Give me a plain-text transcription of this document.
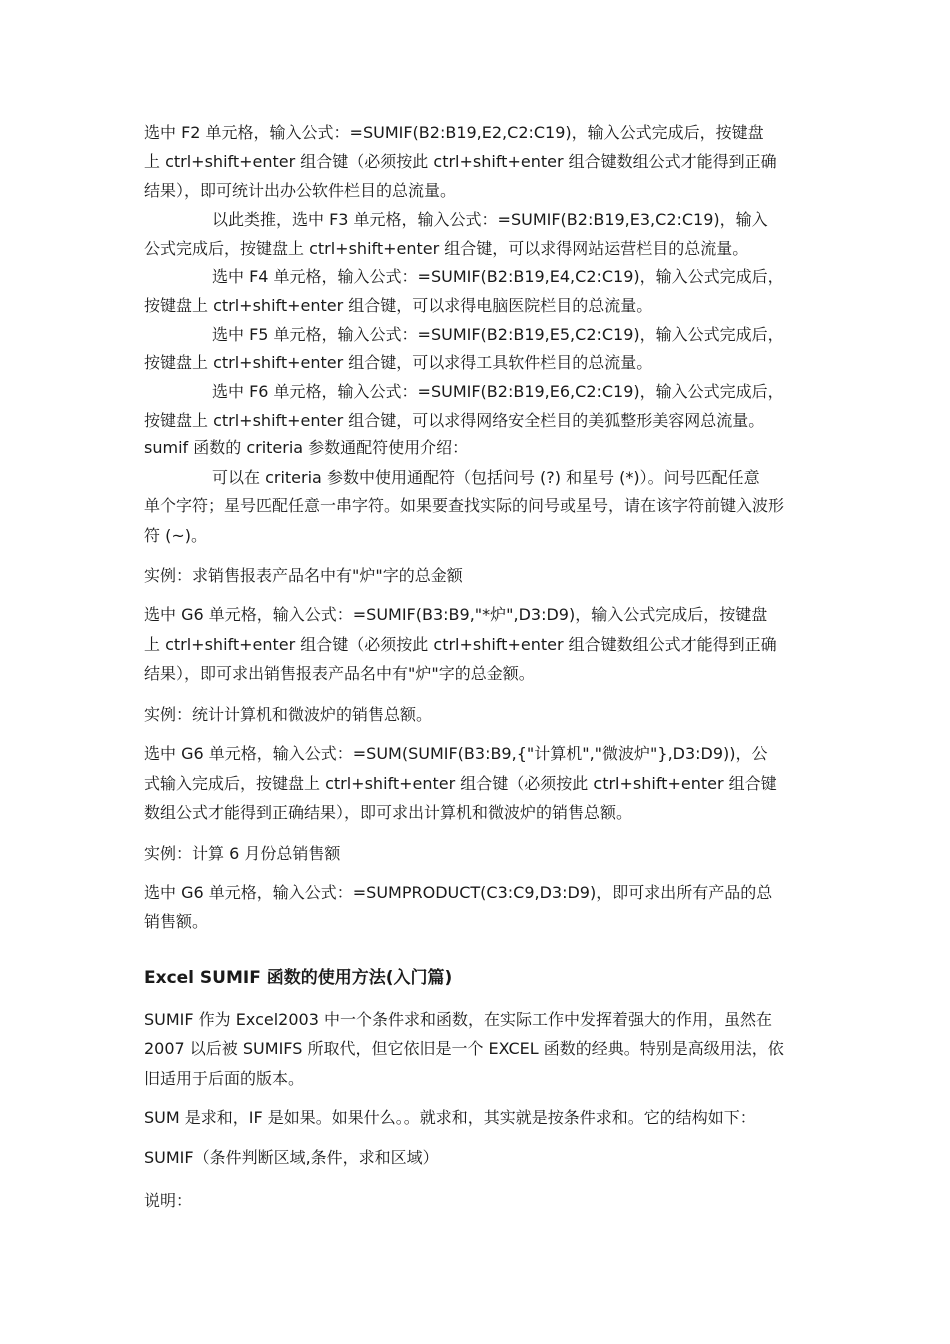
选中 F2 单元格，输入公式：=SUMIF(B2:B19,E2,C2:C19)，输入公式完成后，按键盘

上 ctrl+shift+enter 组合键（必须按此 ctrl+shift+enter 组合键数组公式才能得到正确

结果），即可统计出办公软件栏目的总流量。

以此类推，选中 F3 单元格，输入公式：=SUMIF(B2:B19,E3,C2:C19)，输入

公式完成后，按键盘上 ctrl+shift+enter 组合键，可以求得网站运营栏目的总流量。

选中 F4 单元格，输入公式：=SUMIF(B2:B19,E4,C2:C19)，输入公式完成后，

按键盘上 ctrl+shift+enter 组合键，可以求得电脑医院栏目的总流量。

选中 F5 单元格，输入公式：=SUMIF(B2:B19,E5,C2:C19)，输入公式完成后，

按键盘上 ctrl+shift+enter 组合键，可以求得工具软件栏目的总流量。

选中 F6 单元格，输入公式：=SUMIF(B2:B19,E6,C2:C19)，输入公式完成后，

按键盘上 ctrl+shift+enter 组合键，可以求得网络安全栏目的美狐整形美容网总流量。

sumif 函数的 criteria 参数通配符使用介绍：

可以在 criteria 参数中使用通配符（包括问号 (?) 和星号 (*)）。问号匹配任意

单个字符；星号匹配任意一串字符。如果要查找实际的问号或星号，请在该字符前键入波形

符 (~)。

实例：求销售报表产品名中有"炉"字的总金额

选中 G6 单元格，输入公式：=SUMIF(B3:B9,"*炉",D3:D9)，输入公式完成后，按键盘

上 ctrl+shift+enter 组合键（必须按此 ctrl+shift+enter 组合键数组公式才能得到正确

结果），即可求出销售报表产品名中有"炉"字的总金额。

实例：统计计算机和微波炉的销售总额。

选中 G6 单元格，输入公式：=SUM(SUMIF(B3:B9,{"计算机","微波炉"},D3:D9))，公

式输入完成后，按键盘上 ctrl+shift+enter 组合键（必须按此 ctrl+shift+enter 组合键

数组公式才能得到正确结果），即可求出计算机和微波炉的销售总额。

实例：计算 6 月份总销售额

选中 G6 单元格，输入公式：=SUMPRODUCT(C3:C9,D3:D9)，即可求出所有产品的总

销售额。

Excel SUMIF 函数的使用方法(入门篇)

SUMIF 作为 Excel2003 中一个条件求和函数，在实际工作中发挥着强大的作用，虽然在

2007 以后被 SUMIFS 所取代，但它依旧是一个 EXCEL 函数的经典。特别是高级用法，依

旧适用于后面的版本。

SUM 是求和，IF 是如果。如果什么。。就求和，其实就是按条件求和。它的结构如下：

SUMIF（条件判断区域,条件，求和区域）

说明：
